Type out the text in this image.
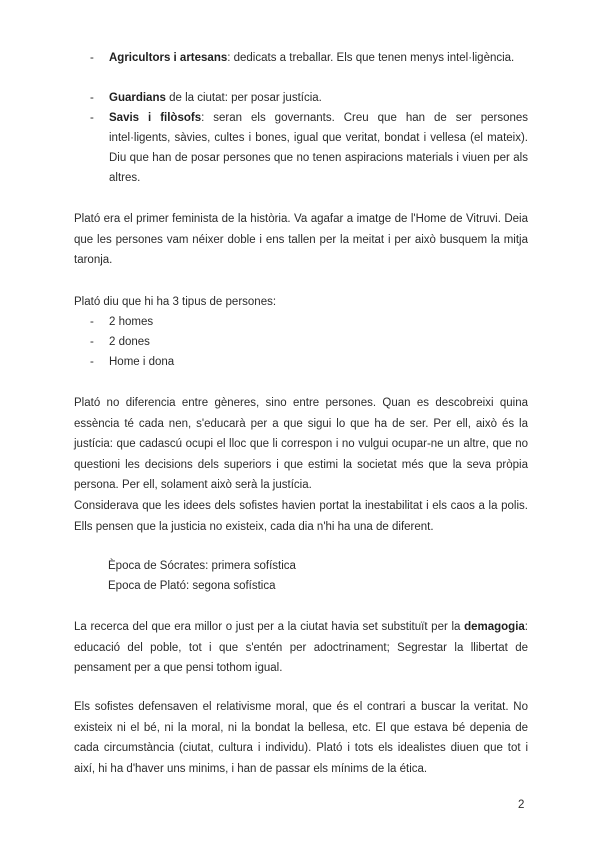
- Agricultors i artesans: dedicats a treballar. Els que tenen menys intel·ligència.
- Guardians de la ciutat: per posar justícia.
- Savis i filòsofs: seran els governants. Creu que han de ser persones intel·ligents, sàvies, cultes i bones, igual que veritat, bondat i vellesa (el mateix). Diu que han de posar persones que no tenen aspiracions materials i viuen per als altres.

Plató era el primer feminista de la història. Va agafar a imatge de l'Home de Vitruvi. Deia que les persones vam néixer doble i ens tallen per la meitat i per això busquem la mitja taronja.

Plató diu que hi ha 3 tipus de persones:

- 2 homes
- 2 dones
- Home i dona

Plató no diferencia entre gèneres, sino entre persones. Quan es descobreixi quina essència té cada nen, s'educarà per a que sigui lo que ha de ser. Per ell, això és la justícia: que cadascú ocupi el lloc que li correspon i no vulgui ocupar-ne un altre, que no questioni les decisions dels superiors i que estimi la societat més que la seva pròpia persona. Per ell, solament això serà la justícia.

Considerava que les idees dels sofistes havien portat la inestabilitat i els caos a la polis. Ells pensen que la justicia no existeix, cada dia n'hi ha una de diferent.

Època de Sócrates: primera sofística
Epoca de Plató: segona sofística

La recerca del que era millor o just per a la ciutat havia set substituït per la demagogia: educació del poble, tot i que s'entén per adoctrinament; Segrestar la llibertat de pensament per a que pensi tothom igual.

Els sofistes defensaven el relativisme moral, que és el contrari a buscar la veritat. No existeix ni el bé, ni la moral, ni la bondat la bellesa, etc. El que estava bé depenia de cada circumstància (ciutat, cultura i individu). Plató i tots els idealistes diuen que tot i així, hi ha d'haver uns minims, i han de passar els mínims de la ética.

2
